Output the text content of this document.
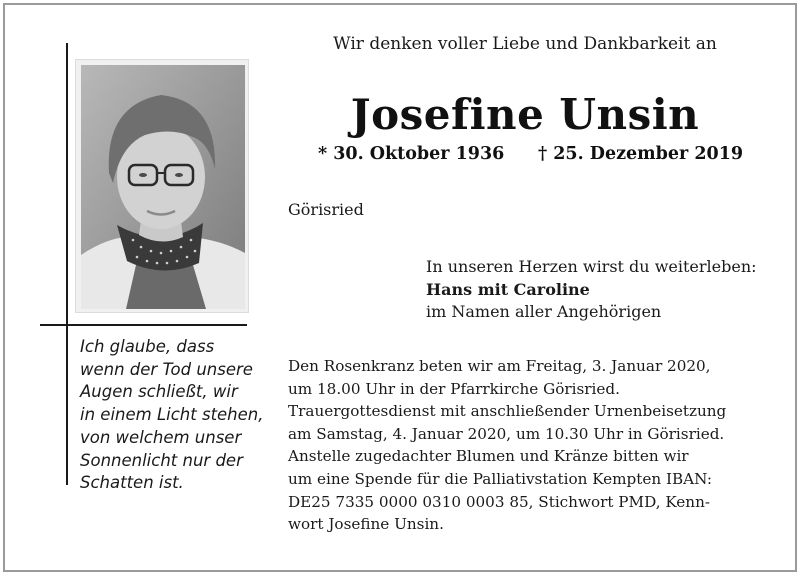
Ich glaube, dass
wenn der Tod unsere
Augen schließt, wir
in einem Licht stehen,
von welchem unser
Sonnenlicht nur der
Schatten ist.
Wir denken voller Liebe und Dankbarkeit an
Josefine Unsin
* 30. Oktober 1936 † 25. Dezember 2019
Görisried
In unseren Herzen wirst du weiterleben:
Hans mit Caroline
im Namen aller Angehörigen
Den Rosenkranz beten wir am Freitag, 3. Januar 2020,
um 18.00 Uhr in der Pfarrkirche Görisried.
Trauergottesdienst mit anschließender Urnenbeisetzung
am Samstag, 4. Januar 2020, um 10.30 Uhr in Görisried.
Anstelle zugedachter Blumen und Kränze bitten wir
um eine Spende für die Palliativstation Kempten IBAN:
DE25 7335 0000 0310 0003 85, Stichwort PMD, Kenn-
wort Josefine Unsin.
